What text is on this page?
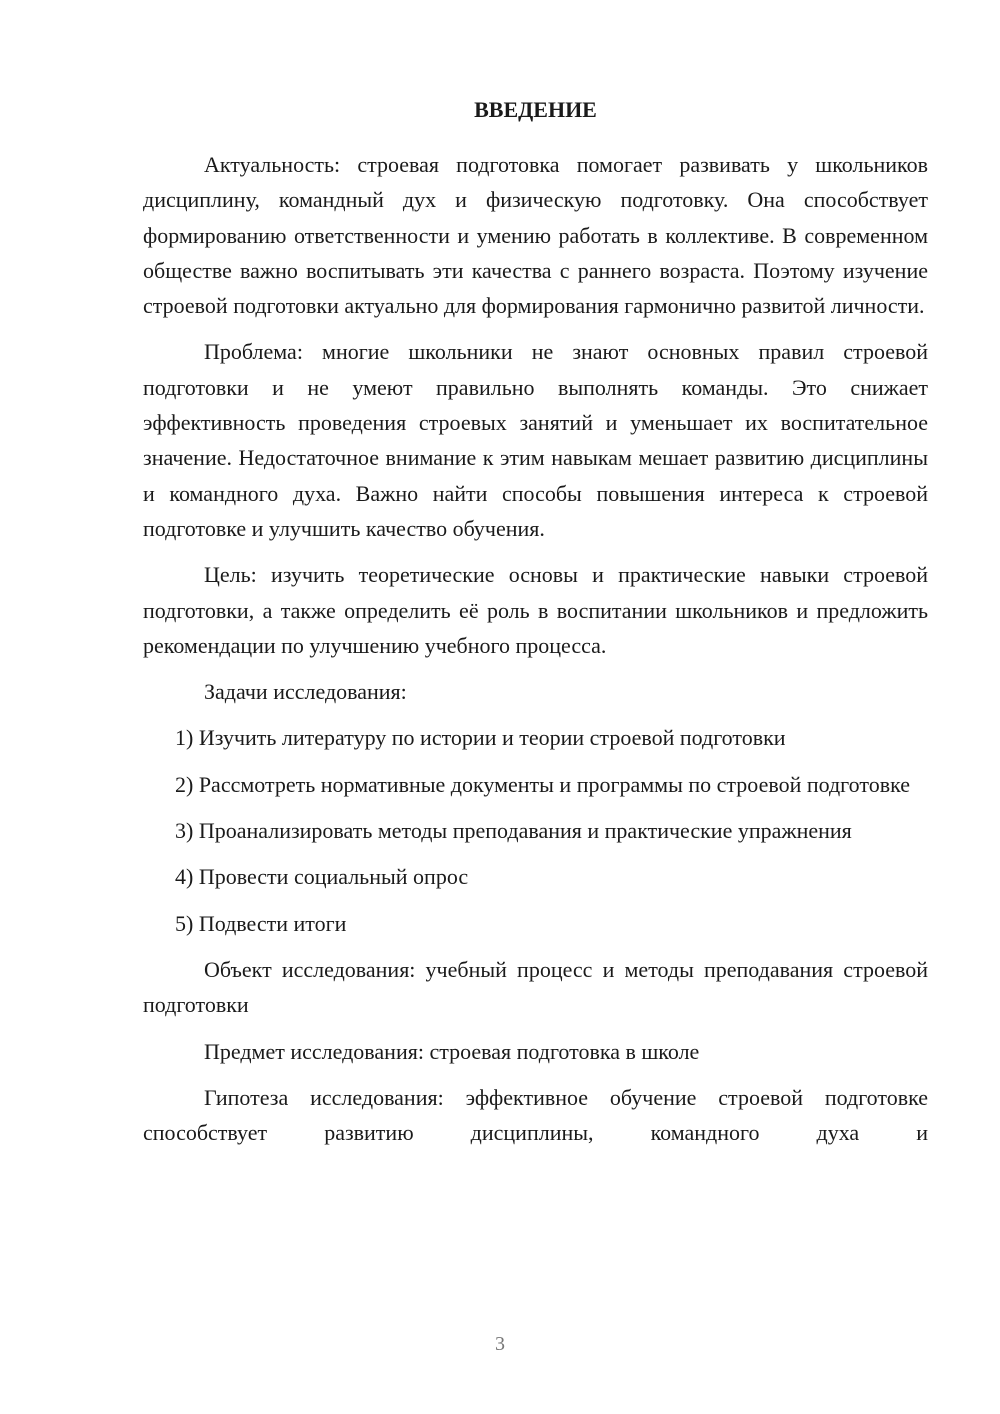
ВВЕДЕНИЕ

Актуальность: строевая подготовка помогает развивать у школьников дисциплину, командный дух и физическую подготовку. Она способствует формированию ответственности и умению работать в коллективе. В современном обществе важно воспитывать эти качества с раннего возраста. Поэтому изучение строевой подготовки актуально для формирования гармонично развитой личности.

Проблема: многие школьники не знают основных правил строевой подготовки и не умеют правильно выполнять команды. Это снижает эффективность проведения строевых занятий и уменьшает их воспитательное значение. Недостаточное внимание к этим навыкам мешает развитию дисциплины и командного духа. Важно найти способы повышения интереса к строевой подготовке и улучшить качество обучения.

Цель: изучить теоретические основы и практические навыки строевой подготовки, а также определить её роль в воспитании школьников и предложить рекомендации по улучшению учебного процесса.

Задачи исследования:

1) Изучить литературу по истории и теории строевой подготовки

2) Рассмотреть нормативные документы и программы по строевой подготовке

3) Проанализировать методы преподавания и практические упражнения

4) Провести социальный опрос

5) Подвести итоги

Объект исследования: учебный процесс и методы преподавания строевой подготовки

Предмет исследования: строевая подготовка в школе

Гипотеза исследования: эффективное обучение строевой подготовке способствует развитию дисциплины, командного духа и

3
